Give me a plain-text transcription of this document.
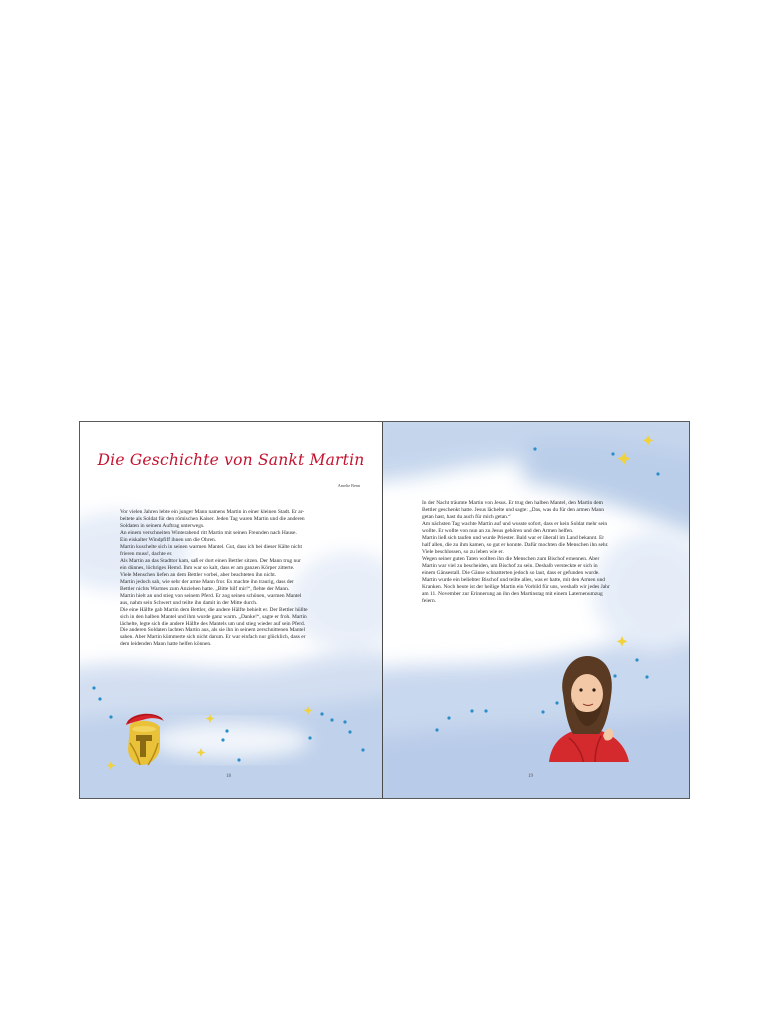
Die Geschichte von Sankt Martin
Amelie Benn
Vor vielen Jahren lebte ein junger Mann namens Martin in einer kleinen Stadt. Er ar-
beitete als Soldat für den römischen Kaiser. Jeden Tag waren Martin und die anderen
Soldaten in seinem Auftrag unterwegs.
An einem verschneiten Winterabend ritt Martin mit seinen Freunden nach Hause.
Ein eiskalter Windpfiff ihnen um die Ohren.
Martin kuschelte sich in seinen warmen Mantel. Gut, dass ich bei dieser Kälte nicht
frieren muss!, dachte er.
Als Martin an das Stadttor kam, saß er dort einen Bettler sitzen. Der Mann trug nur
ein dünnes, löchriges Hemd. Ihm war so kalt, dass er am ganzen Körper zitterte.
Viele Menschen liefen an dem Bettler vorbei, aber beachteten ihn nicht.
Martin jedoch sah, wie sehr der arme Mann fror. Es machte ihn traurig, dass der
Bettler nichts Warmes zum Anziehen hatte. „Bitte hilf mir!“, flehte der Mann.
Martin hielt an und stieg von seinem Pferd. Er zog seinen schönen, warmen Mantel
aus, nahm sein Schwert und teilte ihn damit in der Mitte durch.
Die eine Hälfte gab Martin dem Bettler, die andere Hälfte behielt er. Der Bettler hüllte
sich in den halben Mantel und ihm wurde ganz warm. „Danke!“, sagte er froh. Martin
lächelte, legte sich die andere Hälfte des Mantels um und stieg wieder auf sein Pferd.
Die anderen Soldaten lachten Martin aus, als sie ihn in seinem zerschnittenen Mantel
sahen. Aber Martin kümmerte sich nicht darum. Er war einfach nur glücklich, dass er
dem leidenden Mann hatte helfen können.
18
In der Nacht träumte Martin von Jesus. Er trug den halben Mantel, den Martin dem
Bettler geschenkt hatte. Jesus lächelte und sagte: „Das, was du für den armen Mann
getan hast, hast du auch für mich getan.“
Am nächsten Tag wachte Martin auf und wusste sofort, dass er kein Soldat mehr sein
wollte. Er wollte von nun an zu Jesus gehören und den Armen helfen.
Martin ließ sich taufen und wurde Priester. Bald war er überall im Land bekannt. Er
half allen, die zu ihm kamen, so gut er konnte. Dafür mochten die Menschen ihn sehr.
Viele beschlossen, so zu leben wie er.
Wegen seiner guten Taten wollten ihn die Menschen zum Bischof ernennen. Aber
Martin war viel zu bescheiden, um Bischof zu sein. Deshalb versteckte er sich in
einem Gänsestall. Die Gänse schnatterten jedoch so laut, dass er gefunden wurde.
Martin wurde ein beliebter Bischof und teilte alles, was er hatte, mit den Armen und
Kranken. Noch heute ist der heilige Martin ein Vorbild für uns, weshalb wir jedes Jahr
am 11. November zur Erinnerung an ihn den Martinstag mit einem Laternenumzug
feiern.
19
